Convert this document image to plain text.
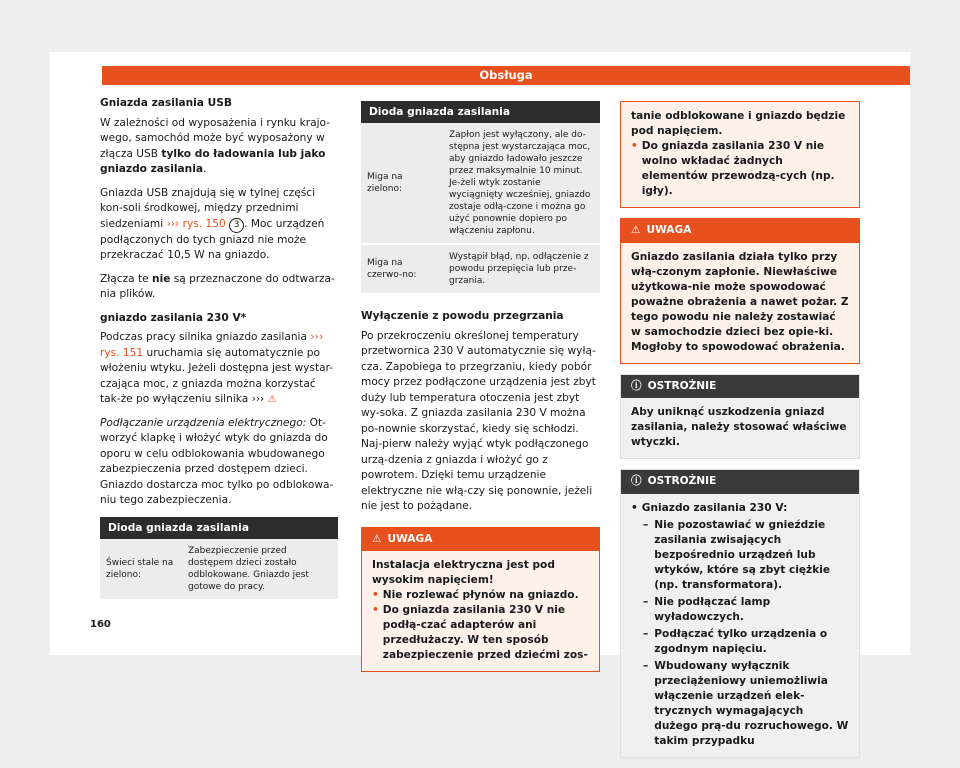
Obsługa

Gniazda zasilania USB

W zależności od wyposażenia i rynku krajo-wego, samochód może być wyposażony w złącza USB tylko do ładowania lub jako gniazdo zasilania.

Gniazda USB znajdują się w tylnej części kon-soli środkowej, między przednimi siedzeniami ››› rys. 150 3 . Moc urządzeń podłączonych do tych gniazd nie może przekraczać 10,5 W na gniazdo.

Złącza te nie są przeznaczone do odtwarza-nia plików.

gniazdo zasilania 230 V*

Podczas pracy silnika gniazdo zasilania ››› rys. 151 uruchamia się automatycznie po włożeniu wtyku. Jeżeli dostępna jest wystar-czająca moc, z gniazda można korzystać tak-że po wyłączeniu silnika ››› ⚠

Podłączanie urządzenia elektrycznego: Ot-worzyć klapkę i włożyć wtyk do gniazda do oporu w celu odblokowania wbudowanego zabezpieczenia przed dostępem dzieci. Gniazdo dostarcza moc tylko po odblokowa-niu tego zabezpieczenia.

Dioda gniazda zasilania
Świeci stale na zielono:	Zabezpieczenie przed dostępem dzieci zostało odblokowane. Gniazdo jest gotowe do pracy.
Dioda gniazda zasilania	
Miga na zielono:	Zapłon jest wyłączony, ale do-stępna jest wystarczająca moc, aby gniazdo ładowało jeszcze przez maksymalnie 10 minut. Je-żeli wtyk zostanie wyciągnięty wcześniej, gniazdo zostaje odłą-czone i można go użyć ponownie dopiero po włączeniu zapłonu.
Miga na czerwo-no:	Wystąpił błąd, np. odłączenie z powodu przepięcia lub prze-grzania.

Wyłączenie z powodu przegrzania

Po przekroczeniu określonej temperatury przetwornica 230 V automatycznie się wyłą-cza. Zapobiega to przegrzaniu, kiedy pobór mocy przez podłączone urządzenia jest zbyt duży lub temperatura otoczenia jest zbyt wy-soka. Z gniazda zasilania 230 V można po-nownie skorzystać, kiedy się schłodzi. Naj-pierw należy wyjąć wtyk podłączonego urzą-dzenia z gniazda i włożyć go z powrotem. Dzięki temu urządzenie elektryczne nie włą-czy się ponownie, jeżeli nie jest to pożądane.

⚠ UWAGA
Instalacja elektryczna jest pod wysokim napięciem!
• Nie rozlewać płynów na gniazdo.
• Do gniazda zasilania 230 V nie podłą-czać adapterów ani przedłużaczy. W ten sposób zabezpieczenie przed dziećmi zos-
tanie odblokowane i gniazdo będzie pod napięciem.
• Do gniazda zasilania 230 V nie wolno wkładać żadnych elementów przewodzą-cych (np. igły).
⚠ UWAGA
Gniazdo zasilania działa tylko przy włą-czonym zapłonie. Niewłaściwe użytkowa-nie może spowodować poważne obrażenia a nawet pożar. Z tego powodu nie należy zostawiać w samochodzie dzieci bez opie-ki. Mogłoby to spowodować obrażenia.
ⓘ OSTROŻNIE
Aby uniknąć uszkodzenia gniazd zasilania, należy stosować właściwe wtyczki.
ⓘ OSTROŻNIE
• Gniazdo zasilania 230 V:
– Nie pozostawiać w gnieździe zasilania zwisających bezpośrednio urządzeń lub wtyków, które są zbyt ciężkie (np. transformatora).
– Nie podłączać lamp wyładowczych.
– Podłączać tylko urządzenia o zgodnym napięciu.
– Wbudowany wyłącznik przeciążeniowy uniemożliwia włączenie urządzeń elek-trycznych wymagających dużego prą-du rozruchowego. W takim przypadku
160
